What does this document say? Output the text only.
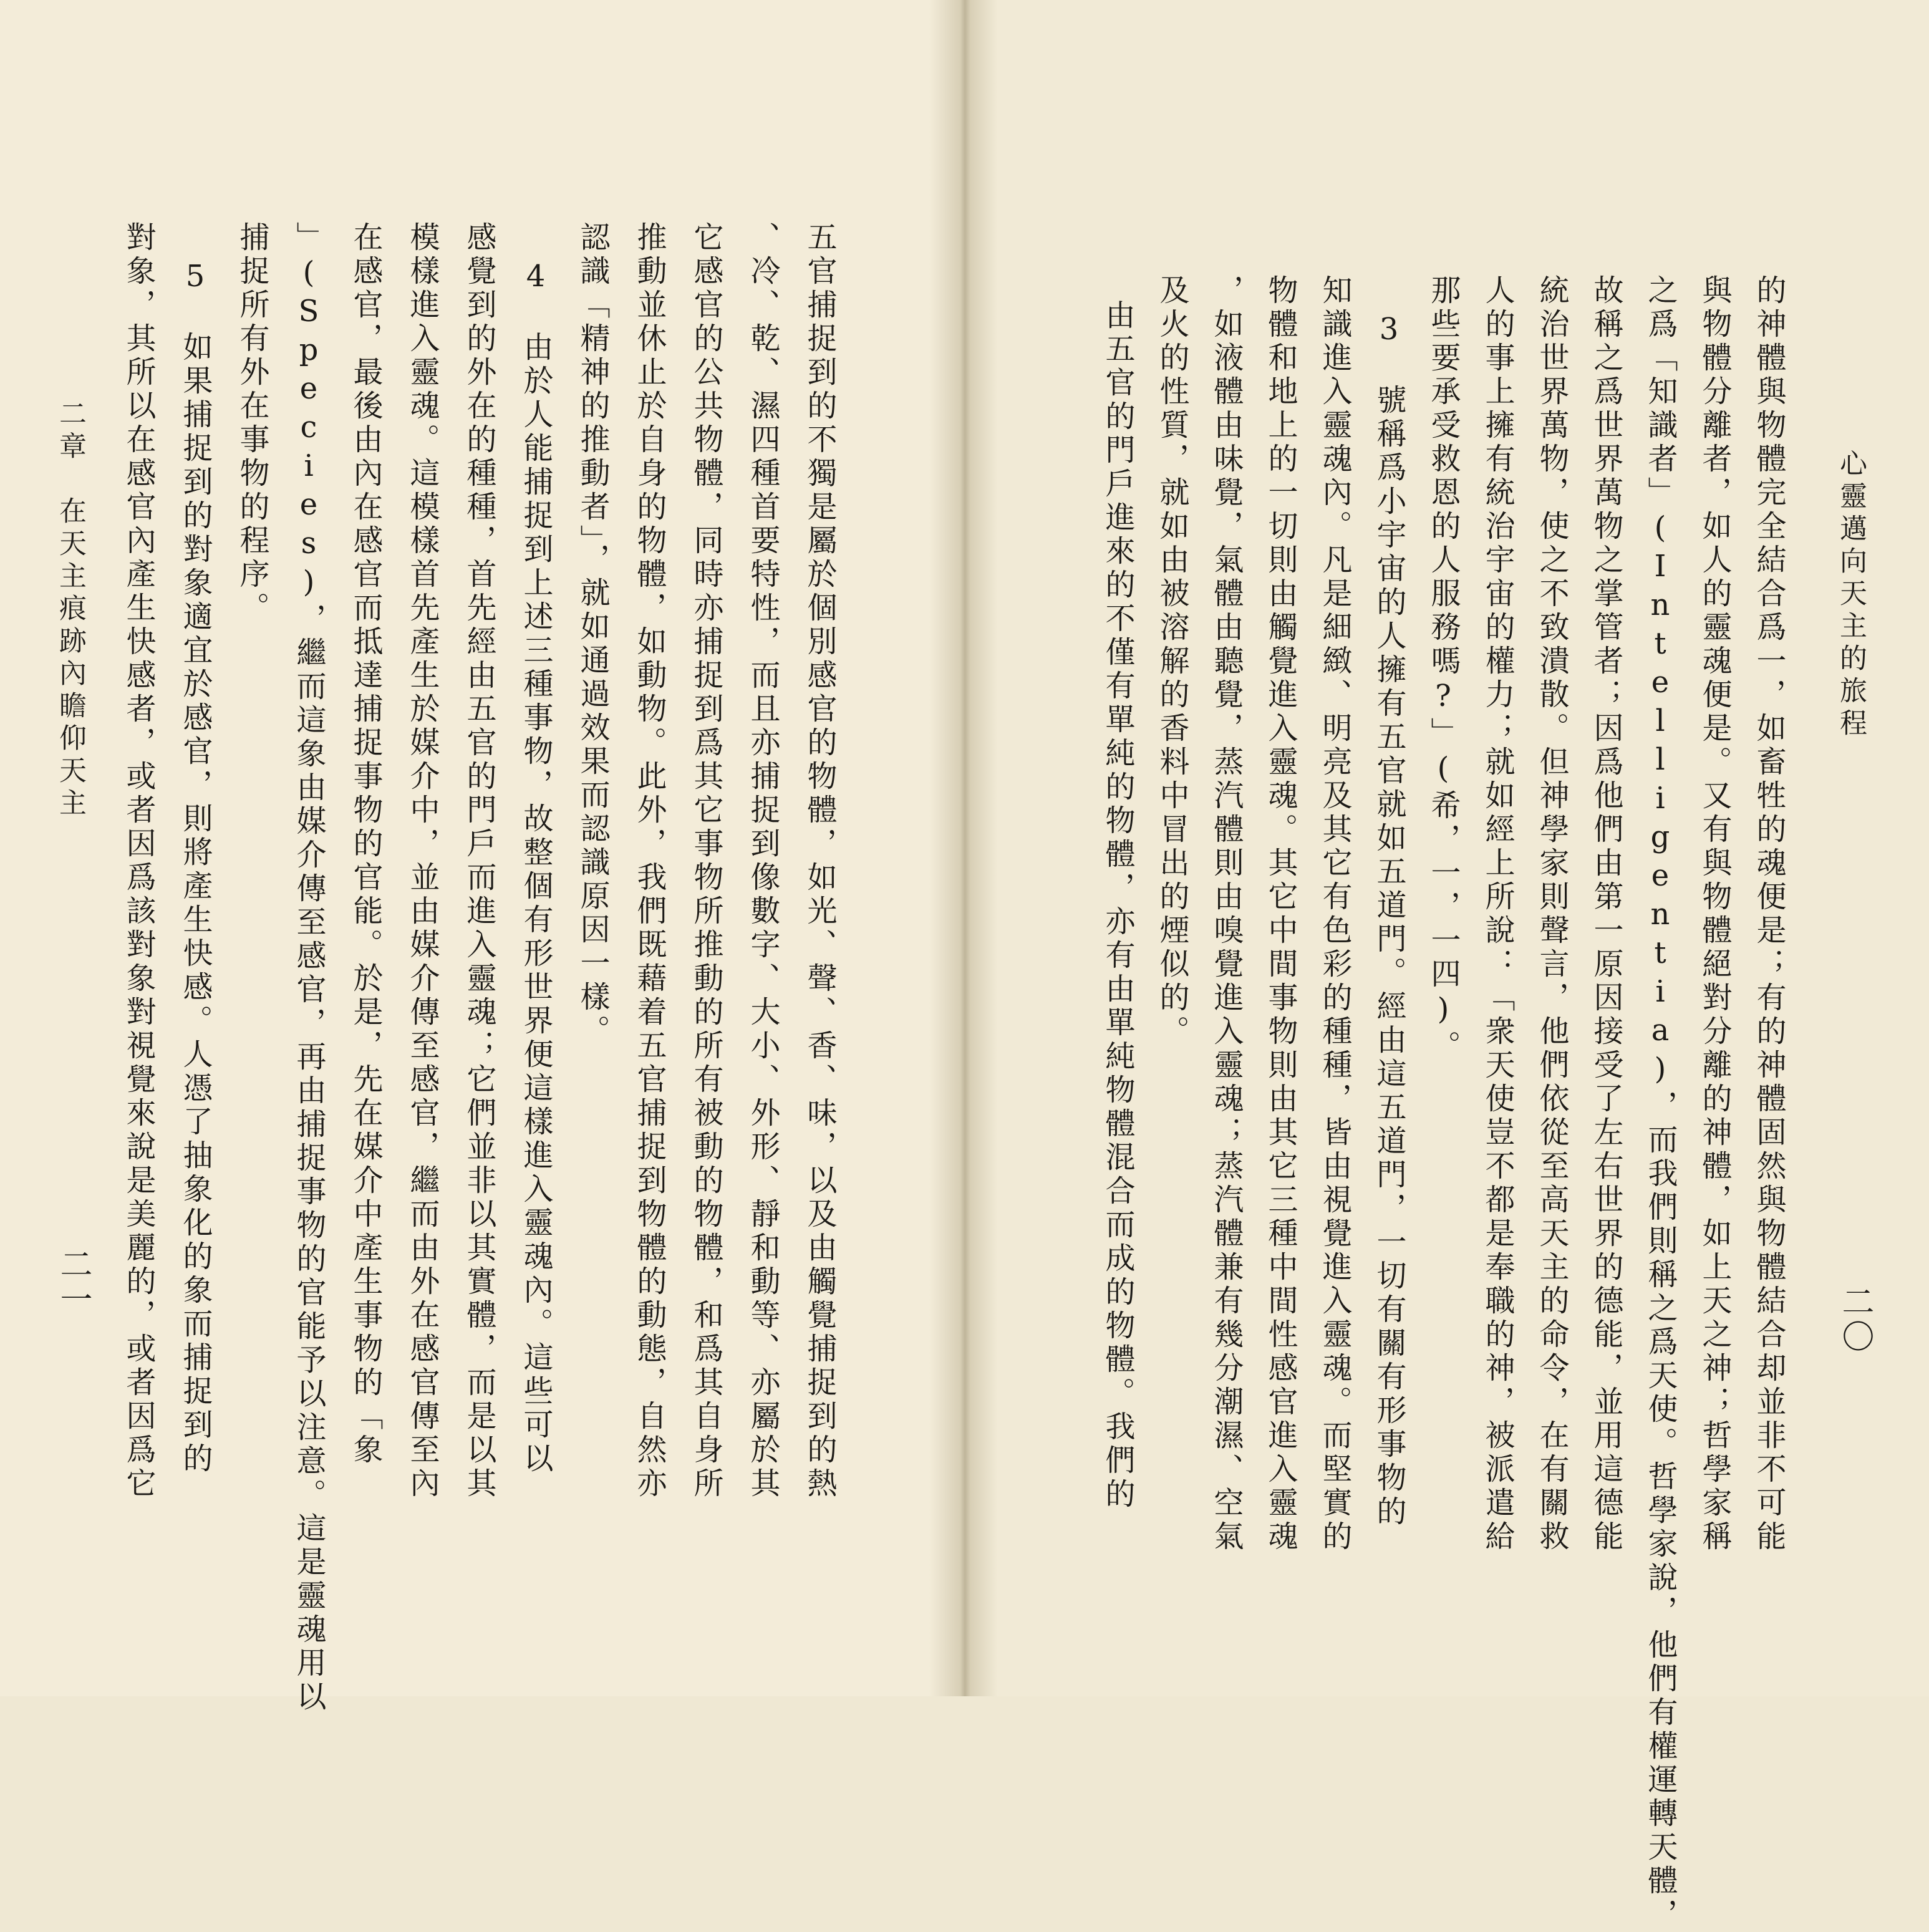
二章　在天主痕跡內瞻仰天主
二一	五官捕捉到的不獨是屬於個別感官的物體，如光、聲、香、味，以及由觸覺捕捉到的熱
、冷、乾、濕四種首要特性，而且亦捕捉到像數字、大小、外形、靜和動等、亦屬於其
它感官的公共物體，同時亦捕捉到爲其它事物所推動的所有被動的物體，和爲其自身所
推動並休止於自身的物體，如動物。此外，我們既藉着五官捕捉到物體的動態，自然亦
認識「精神的推動者」，就如通過效果而認識原因一樣。
4　由於人能捕捉到上述三種事物，故整個有形世界便這樣進入靈魂內。這些可以
感覺到的外在的種種，首先經由五官的門戶而進入靈魂；它們並非以其實體，而是以其
模樣進入靈魂。這模樣首先產生於媒介中，並由媒介傳至感官，繼而由外在感官傳至內
在感官，最後由內在感官而抵達捕捉事物的官能。於是，先在媒介中產生事物的「象
」(Species)，繼而這象由媒介傳至感官，再由捕捉事物的官能予以注意。這是靈魂用以
捕捉所有外在事物的程序。
5　如果捕捉到的對象適宜於感官，則將產生快感。人憑了抽象化的象而捕捉到的
對象，其所以在感官內產生快感者，或者因爲該對象對視覺來說是美麗的，或者因爲它	心靈邁向天主的旅程
二〇
的神體與物體完全結合爲一，如畜牲的魂便是；有的神體固然與物體結合却並非不可能
與物體分離者，如人的靈魂便是。又有與物體絕對分離的神體，如上天之神；哲學家稱
之爲「知識者」(Intelligentia)，而我們則稱之爲天使。哲學家說，他們有權運轉天體，
故稱之爲世界萬物之掌管者；因爲他們由第一原因接受了左右世界的德能，並用這德能
統治世界萬物，使之不致潰散。但神學家則聲言，他們依從至高天主的命令，在有關救
人的事上擁有統治宇宙的權力；就如經上所說：「衆天使豈不都是奉職的神，被派遣給
那些要承受救恩的人服務嗎?」(希，一，一四)。
3　號稱爲小宇宙的人擁有五官就如五道門。經由這五道門，一切有關有形事物的
知識進入靈魂內。凡是細緻、明亮及其它有色彩的種種，皆由視覺進入靈魂。而堅實的
物體和地上的一切則由觸覺進入靈魂。其它中間事物則由其它三種中間性感官進入靈魂
，如液體由味覺，氣體由聽覺，蒸汽體則由嗅覺進入靈魂；蒸汽體兼有幾分潮濕、空氣
及火的性質，就如由被溶解的香料中冒出的煙似的。
由五官的門戶進來的不僅有單純的物體，亦有由單純物體混合而成的物體。我們的
